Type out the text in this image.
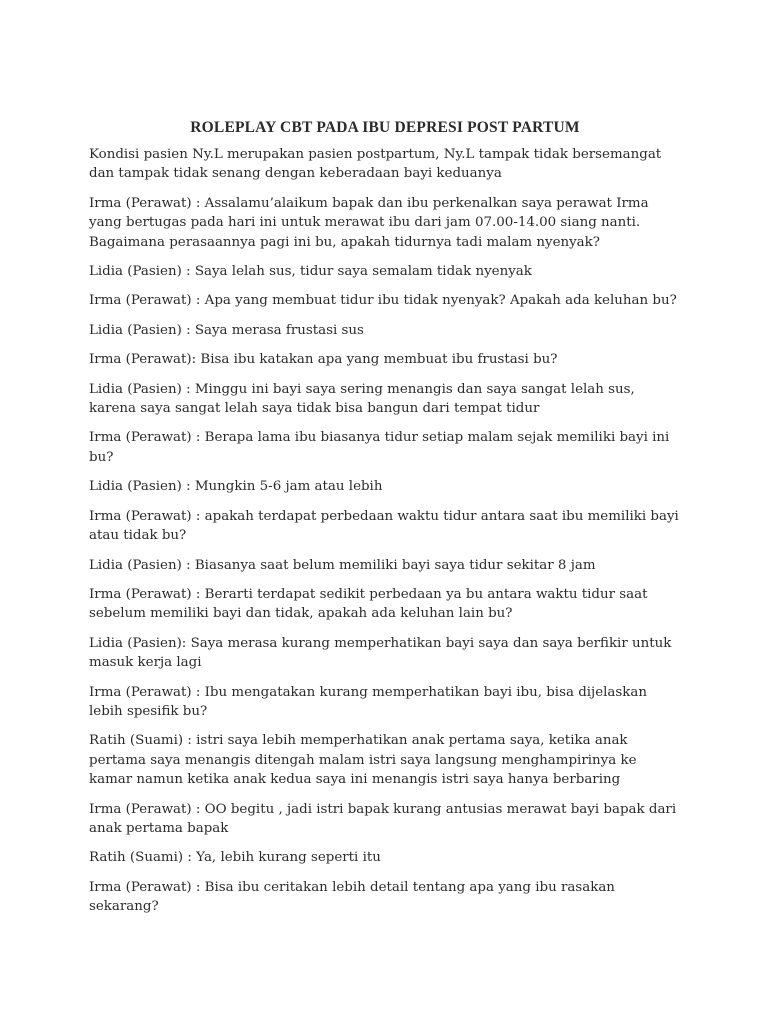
ROLEPLAY CBT PADA IBU DEPRESI POST PARTUM
Kondisi pasien Ny.L merupakan pasien postpartum, Ny.L tampak tidak bersemangat dan tampak tidak senang dengan keberadaan bayi keduanya
Irma (Perawat) : Assalamu’alaikum bapak dan ibu perkenalkan saya perawat Irma yang bertugas pada hari ini untuk merawat ibu dari jam 07.00-14.00 siang nanti. Bagaimana perasaannya pagi ini bu, apakah tidurnya tadi malam nyenyak?
Lidia (Pasien) : Saya lelah sus, tidur saya semalam tidak nyenyak
Irma (Perawat) : Apa yang membuat tidur ibu tidak nyenyak? Apakah ada keluhan bu?
Lidia (Pasien) : Saya merasa frustasi sus
Irma (Perawat): Bisa ibu katakan apa yang membuat ibu frustasi bu?
Lidia (Pasien) : Minggu ini bayi saya sering menangis dan saya sangat lelah sus, karena saya sangat lelah saya tidak bisa bangun dari tempat tidur
Irma (Perawat) : Berapa lama ibu biasanya tidur setiap malam sejak memiliki bayi ini bu?
Lidia (Pasien) : Mungkin 5-6 jam atau lebih
Irma (Perawat) : apakah terdapat perbedaan waktu tidur antara saat ibu memiliki bayi atau tidak bu?
Lidia (Pasien) : Biasanya saat belum memiliki bayi saya tidur sekitar 8 jam
Irma (Perawat) : Berarti terdapat sedikit perbedaan ya bu antara waktu tidur saat sebelum memiliki bayi dan tidak, apakah ada keluhan lain bu?
Lidia (Pasien): Saya merasa kurang memperhatikan bayi saya dan saya berfikir untuk masuk kerja lagi
Irma (Perawat) : Ibu mengatakan kurang memperhatikan bayi ibu, bisa dijelaskan lebih spesifik bu?
Ratih (Suami) : istri saya lebih memperhatikan anak pertama saya, ketika anak pertama saya menangis ditengah malam istri saya langsung menghampirinya ke kamar namun ketika anak kedua saya ini menangis istri saya hanya berbaring
Irma (Perawat) : OO begitu , jadi istri bapak kurang antusias merawat bayi bapak dari anak pertama bapak
Ratih (Suami) : Ya, lebih kurang seperti itu
Irma (Perawat) : Bisa ibu ceritakan lebih detail tentang apa yang ibu rasakan sekarang?
